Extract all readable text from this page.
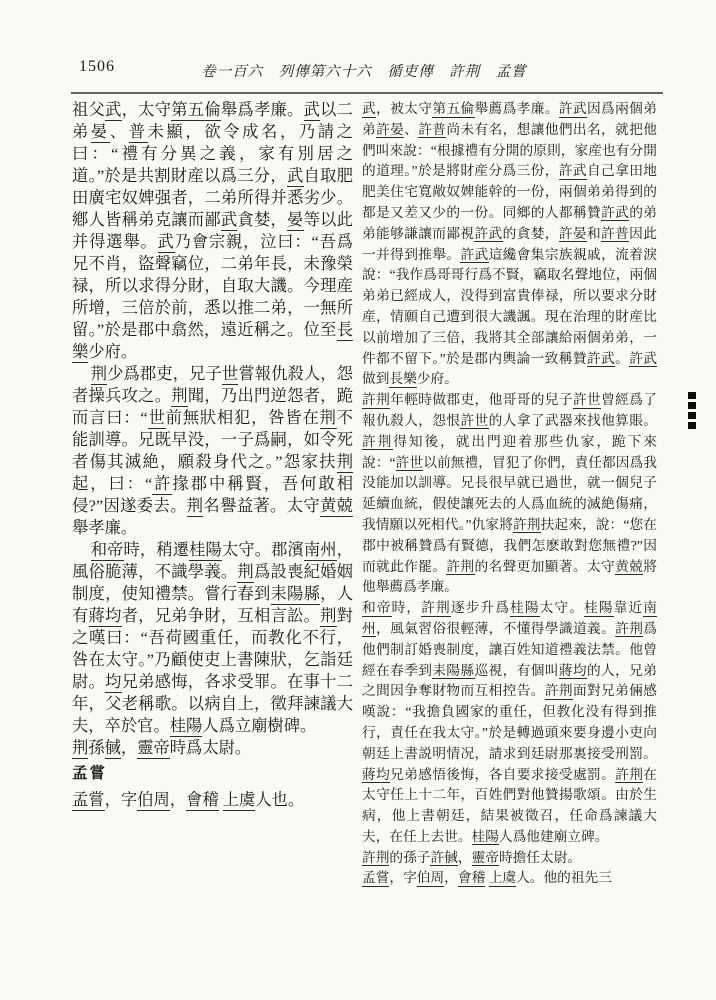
1506	卷一百六　列傳第六十六　循吏傳　許荆　孟嘗

祖父武，太守第五倫舉爲孝廉。武以二弟晏、普未顯，欲令成名，乃請之曰：“禮有分異之義，家有別居之道。”於是共割財産以爲三分，武自取肥田廣宅奴婢强者，二弟所得并悉劣少。鄕人皆稱弟克讓而鄙武貪婪，晏等以此并得選舉。武乃會宗親，泣曰：“吾爲兄不肖，盜聲竊位，二弟年長，未豫榮禄，所以求得分財，自取大譏。今理産所增，三倍於前，悉以推二弟，一無所留。”於是郡中翕然，遠近稱之。位至長樂少府。

荆少爲郡吏，兄子世嘗報仇殺人，怨者操兵攻之。荆聞，乃出門逆怨者，跪而言曰：“世前無狀相犯，咎皆在荆不能訓導。兄既早没，一子爲嗣，如令死者傷其滅絶，願殺身代之。”怨家扶荆起，曰：“許掾郡中稱賢，吾何敢相侵?”因遂委去。荆名譽益著。太守黄兢舉孝廉。

和帝時，稍遷桂陽太守。郡濱南州，風俗脆薄，不識學義。荆爲設喪紀婚姻制度，使知禮禁。嘗行春到耒陽縣，人有蔣均者，兄弟争財，互相言訟。荆對之嘆曰：“吾荷國重任，而教化不行，咎在太守。”乃顧使吏上書陳狀，乞詣廷尉。均兄弟感悔，各求受罪。在事十二年，父老稱歌。以病自上，徵拜諫議大夫，卒於官。桂陽人爲立廟樹碑。

荆孫戫，靈帝時爲太尉。

孟嘗

孟嘗，字伯周，會稽 上虞人也。

武，被太守第五倫舉薦爲孝廉。許武因爲兩個弟弟許晏、許普尚未有名，想讓他們出名，就把他們叫來說：“根據禮有分開的原則，家産也有分開的道理。”於是將財産分爲三份，許武自己拿田地肥美住宅寬敞奴婢能幹的一份，兩個弟弟得到的都是又差又少的一份。同鄉的人都稱贊許武的弟弟能够謙讓而鄙視許武的貪婪，許晏和許普因此一并得到推舉。許武這纔會集宗族親戚，流着淚說：“我作爲哥哥行爲不賢，竊取名聲地位，兩個弟弟已經成人，没得到富貴俸禄，所以要求分財産，情願自己遭到很大譏諷。現在治理的財産比以前增加了三倍，我將其全部讓給兩個弟弟，一件都不留下。”於是郡内輿論一致稱贊許武。許武做到長樂少府。

許荆年輕時做郡吏，他哥哥的兒子許世曾經爲了報仇殺人，怨恨許世的人拿了武器來找他算賬。許荆得知後，就出門迎着那些仇家，跪下來說：“許世以前無禮，冒犯了你們，責任都因爲我没能加以訓導。兄長很早就已過世，就一個兒子延續血統，假使讓死去的人爲血統的滅絶傷痛，我情願以死相代。”仇家將許荆扶起來，說：“您在郡中被稱贊爲有賢德，我們怎麽敢對您無禮?”因而就此作罷。許荆的名聲更加顯著。太守黄兢將他舉薦爲孝廉。

和帝時，許荆逐步升爲桂陽太守。桂陽靠近南州，風氣習俗很輕薄，不懂得學識道義。許荆爲他們制訂婚喪制度，讓百姓知道禮義法禁。他曾經在春季到耒陽縣巡視，有個叫蔣均的人，兄弟之間因争奪財物而互相控告。許荆面對兄弟倆感嘆說：“我擔負國家的重任，但教化没有得到推行，責任在我太守。”於是轉過頭來要身邊小吏向朝廷上書説明情况，請求到廷尉那裏接受刑罰。蔣均兄弟感悟後悔，各自要求接受處罰。許荆在太守任上十二年，百姓們對他贊揚歌頌。由於生病，他上書朝廷，結果被徵召，任命爲諫議大夫，在任上去世。桂陽人爲他建廟立碑。

許荆的孫子許戫，靈帝時擔任太尉。

孟嘗，字伯周，會稽 上虞人。他的祖先三
